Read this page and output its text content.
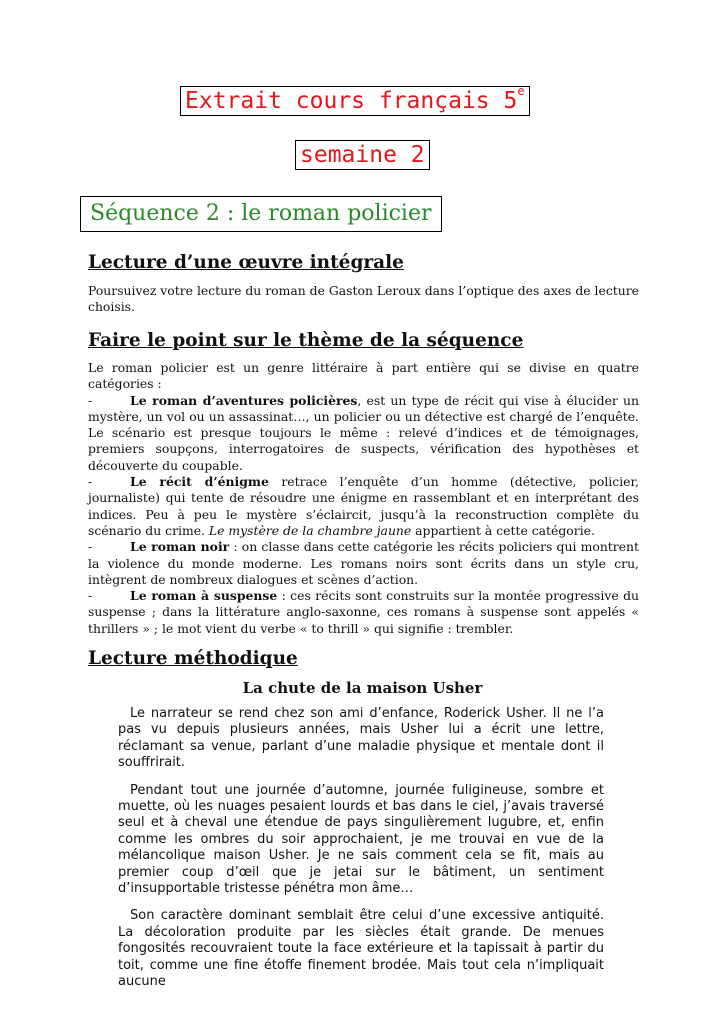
Extrait cours français 5e
semaine 2
Séquence 2 : le roman policier
Lecture d’une œuvre intégrale

Poursuivez votre lecture du roman de Gaston Leroux dans l’optique des axes de lecture choisis.

Faire le point sur le thème de la séquence

Le roman policier est un genre littéraire à part entière qui se divise en quatre catégories :

-	Le roman d’aventures policières, est un type de récit qui vise à élucider un mystère, un vol ou un assassinat…, un policier ou un détective est chargé de l’enquête. Le scénario est presque toujours le même : relevé d’indices et de témoignages, premiers soupçons, interrogatoires de suspects, vérification des hypothèses et découverte du coupable.

-	Le récit d’énigme retrace l’enquête d’un homme (détective, policier, journaliste) qui tente de résoudre une énigme en rassemblant et en interprétant des indices. Peu à peu le mystère s’éclaircit, jusqu’à la reconstruction complète du scénario du crime. Le mystère de la chambre jaune appartient à cette catégorie.

-	Le roman noir : on classe dans cette catégorie les récits policiers qui montrent la violence du monde moderne. Les romans noirs sont écrits dans un style cru, intègrent de nombreux dialogues et scènes d’action.

-	Le roman à suspense : ces récits sont construits sur la montée progressive du suspense ; dans la littérature anglo-saxonne, ces romans à suspense sont appelés « thrillers » ; le mot vient du verbe « to thrill » qui signifie : trembler.

Lecture méthodique
La chute de la maison Usher

Le narrateur se rend chez son ami d’enfance, Roderick Usher. Il ne l’a pas vu depuis plusieurs années, mais Usher lui a écrit une lettre, réclamant sa venue, parlant d’une maladie physique et mentale dont il souffrirait.

Pendant tout une journée d’automne, journée fuligineuse, sombre et muette, où les nuages pesaient lourds et bas dans le ciel, j’avais traversé seul et à cheval une étendue de pays singulièrement lugubre, et, enfin comme les ombres du soir approchaient, je me trouvai en vue de la mélancolique maison Usher. Je ne sais comment cela se fit, mais au premier coup d’œil que je jetai sur le bâtiment, un sentiment d’insupportable tristesse pénétra mon âme…

Son caractère dominant semblait être celui d’une excessive antiquité. La décoloration produite par les siècles était grande. De menues fongosités recouvraient toute la face extérieure et la tapissait à partir du toit, comme une fine étoffe finement brodée. Mais tout cela n’impliquait aucune
